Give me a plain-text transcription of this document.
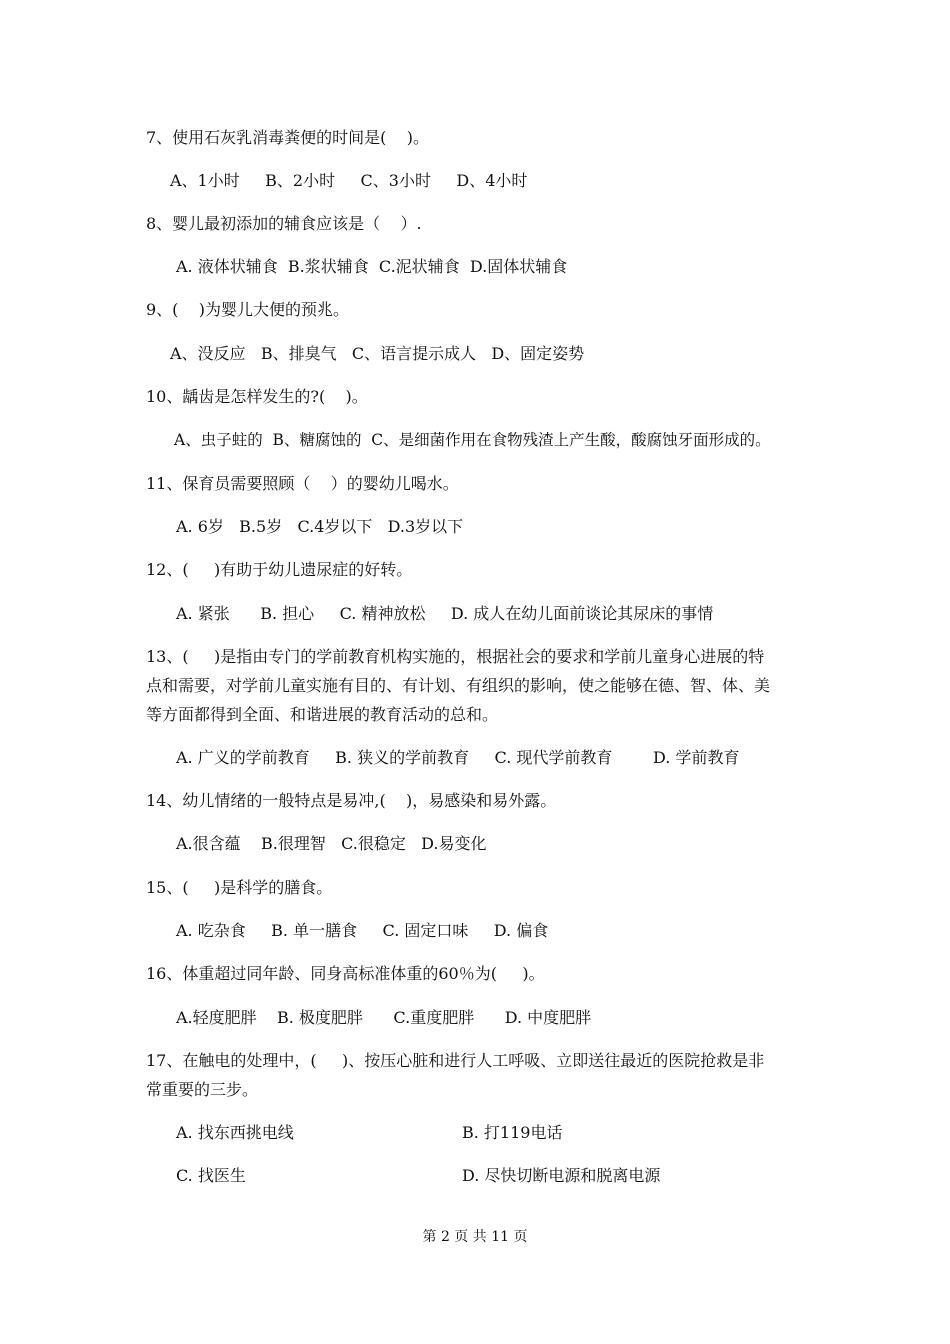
7、使用石灰乳消毒粪便的时间是(    )。

A、1小时     B、2小时     C、3小时     D、4小时

8、婴儿最初添加的辅食应该是（    ）.

A. 液体状辅食  B.浆状辅食  C.泥状辅食  D.固体状辅食

9、(    )为婴儿大便的预兆。

A、没反应   B、排臭气   C、语言提示成人   D、固定姿势

10、龋齿是怎样发生的?(    )。

A、虫子蛀的  B、糖腐蚀的  C、是细菌作用在食物残渣上产生酸，酸腐蚀牙面形成的。

11、保育员需要照顾（    ）的婴幼儿喝水。

A. 6岁   B.5岁   C.4岁以下   D.3岁以下

12、(     )有助于幼儿遗尿症的好转。

A. 紧张      B. 担心     C. 精神放松     D. 成人在幼儿面前谈论其尿床的事情

13、(     )是指由专门的学前教育机构实施的，根据社会的要求和学前儿童身心进展的特

点和需要，对学前儿童实施有目的、有计划、有组织的影响，使之能够在德、智、体、美

等方面都得到全面、和谐进展的教育活动的总和。

A. 广义的学前教育     B. 狭义的学前教育     C. 现代学前教育        D. 学前教育

14、幼儿情绪的一般特点是易冲,(    )，易感染和易外露。

A.很含蕴    B.很理智   C.很稳定   D.易变化

15、(     )是科学的膳食。

A. 吃杂食     B. 单一膳食     C. 固定口味     D. 偏食

16、体重超过同年龄、同身高标准体重的60％为(     )。

A.轻度肥胖    B. 极度肥胖      C.重度肥胖      D. 中度肥胖

17、在触电的处理中，(     )、按压心脏和进行人工呼吸、立即送往最近的医院抢救是非

常重要的三步。

A. 找东西挑电线	B. 打119电话
C. 找医生	D. 尽快切断电源和脱离电源
第 2 页 共 11 页
